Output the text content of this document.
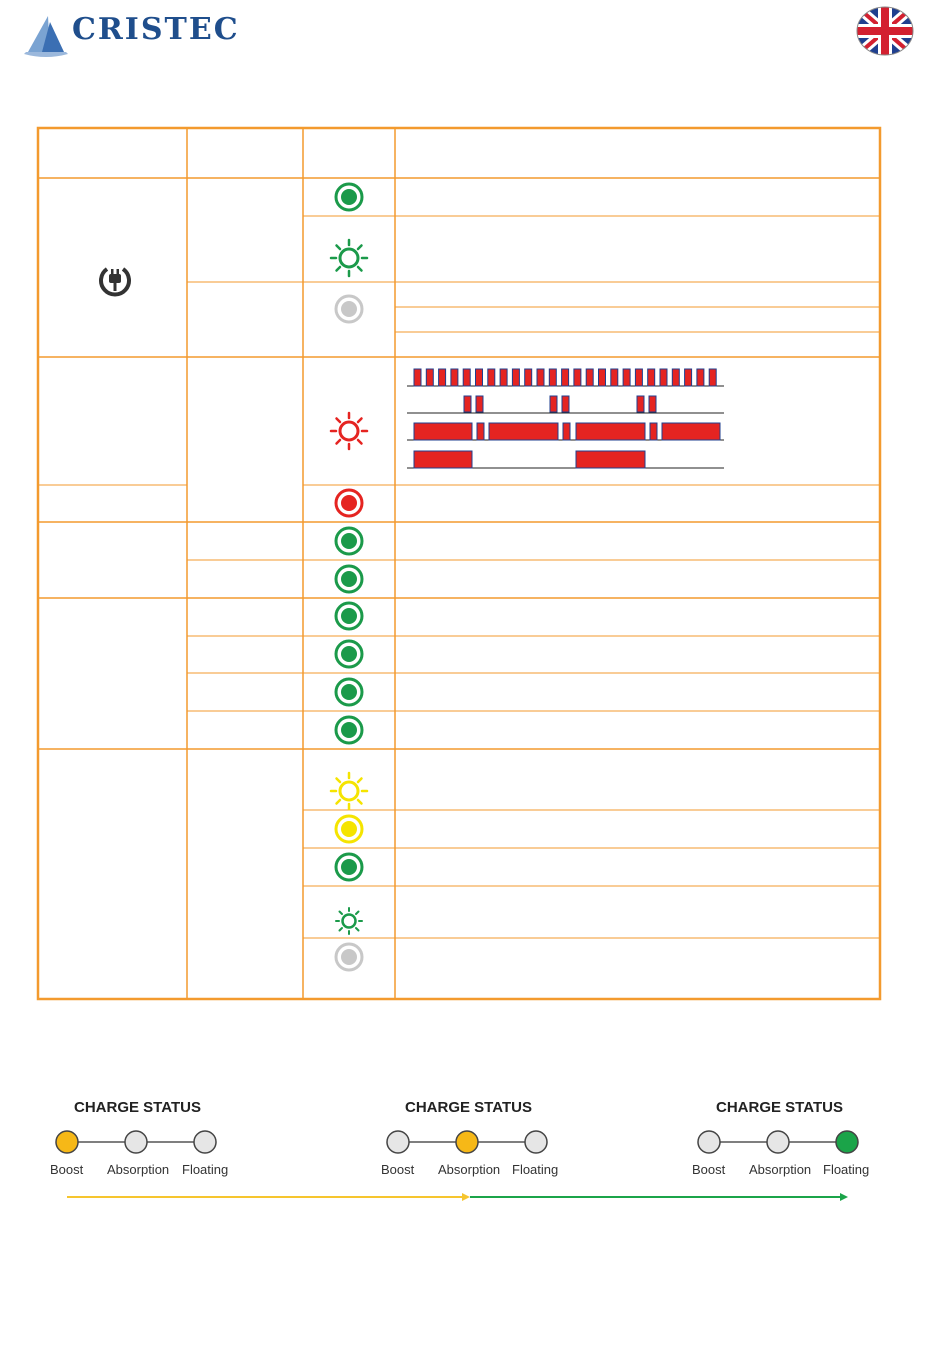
CRISTEC
CHARGE STATUS	CHARGE STATUS	CHARGE STATUS
Boost Absorption Floating	Boost Absorption Floating	Boost Absorption Floating
